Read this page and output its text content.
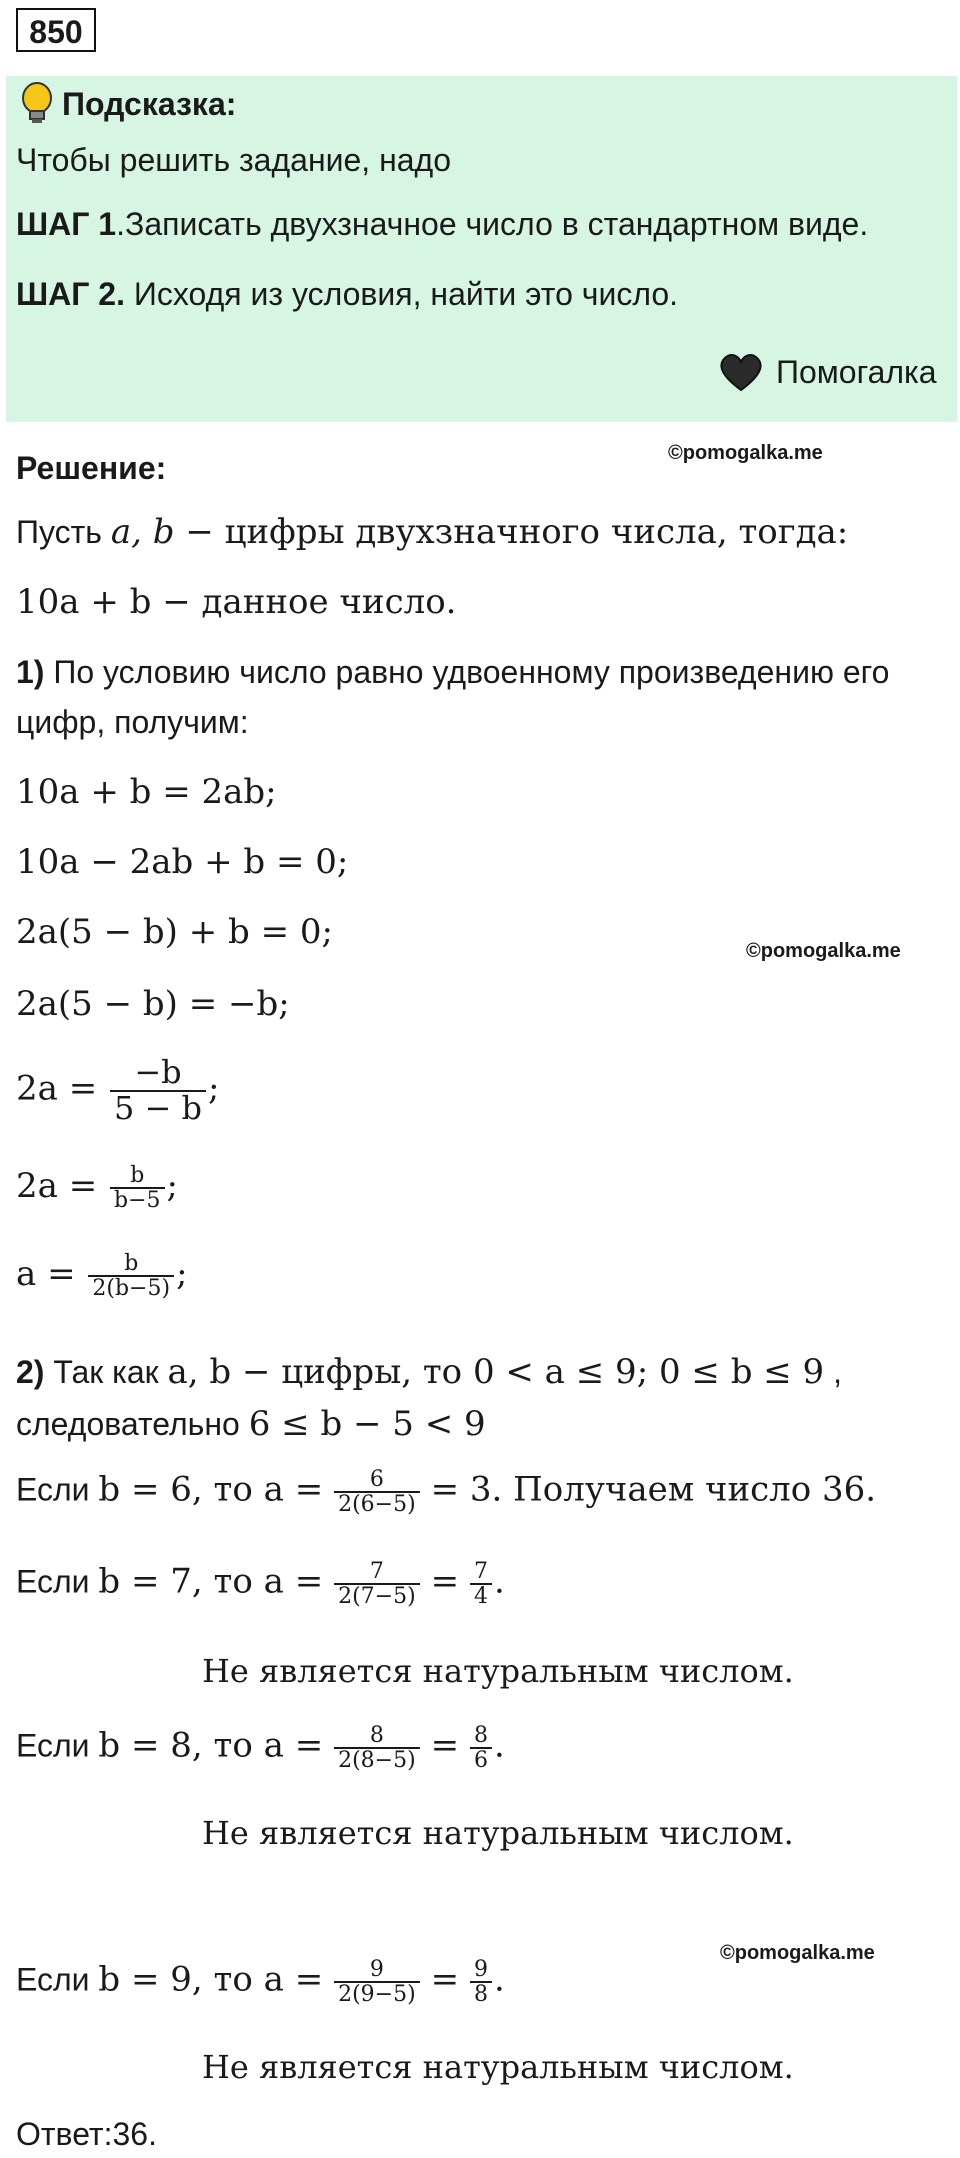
850
Подсказка:
Чтобы решить задание, надо
ШАГ 1.Записать двухзначное число в стандартном виде.
ШАГ 2. Исходя из условия, найти это число.
Помогалка
©pomogalka.me
Решение:
Пусть a, b − цифры двухзначного числа, тогда:
10a + b − данное число.
1) По условию число равно удвоенному произведению его
цифр, получим:
10a + b = 2ab;
10a − 2ab + b = 0;
2a(5 − b) + b = 0;	©pomogalka.me
2a(5 − b) = −b;
$2a = \frac{-b}{5 - b}$ ;
$2a = \frac{b}{b-5}$ ;
$a = \frac{b}{2(b-5)}$ ;
2) Так как a, b − цифры, то 0 < a ≤ 9; 0 ≤ b ≤ 9 ,
следовательно 6 ≤ b − 5 < 9
Если b = 6, то $a = \frac{6}{2(6-5)} = 3$. Получаем число 36.
Если b = 7, то $a = \frac{7}{2(7-5)} = \frac{7}{4}$ .
Не является натуральным числом.
Если b = 8, то $a = \frac{8}{2(8-5)} = \frac{8}{6}$ .
Не является натуральным числом.
©pomogalka.me
Если b = 9, то $a = \frac{9}{2(9-5)} = \frac{9}{8}$ .
Не является натуральным числом.
Ответ:36.
